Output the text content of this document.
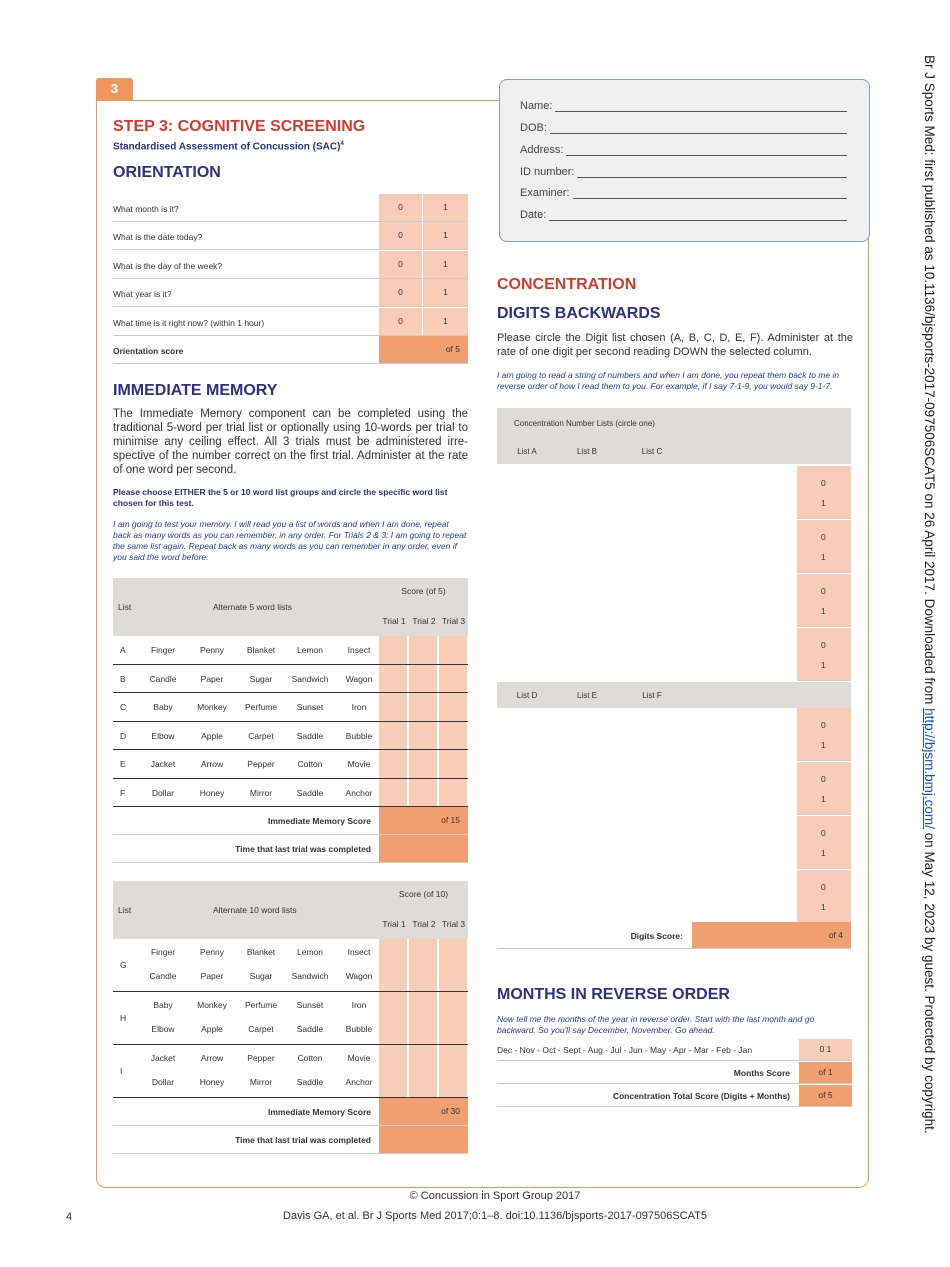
3
Name:
DOB:
Address:
ID number:
Examiner:
Date:
STEP 3: COGNITIVE SCREENING
Standardised Assessment of Concussion (SAC)$^4$
ORIENTATION
What month is it?	0	1
What is the date today?	0	1
What is the day of the week?	0	1
What year is it?	0	1
What time is it right now? (within 1 hour)	0	1
Orientation score	of 5
IMMEDIATE MEMORY
The Immediate Memory component can be completed using the traditional 5-word per trial list or optionally using 10-words per trial to minimise any ceiling effect. All 3 trials must be administered irre-spective of the number correct on the first trial. Administer at the rate of one word per second.
Please choose EITHER the 5 or 10 word list groups and circle the specific word list chosen for this test.
I am going to test your memory. I will read you a list of words and when I am done, repeat back as many words as you can remember, in any order. For Trials 2 & 3: I am going to repeat the same list again. Repeat back as many words as you can remember in any order, even if you said the word before.
List	Alternate 5 word lists
Score (of 5)
Trial 1 Trial 2 Trial 3
A	Finger	Penny	Blanket	Lemon	Insect
B	Candle	Paper	Sugar	Sandwich	Wagon
C	Baby	Monkey	Perfume	Sunset	Iron
D	Elbow	Apple	Carpet	Saddle	Bubble
E	Jacket	Arrow	Pepper	Cotton	Movie
F	Dollar	Honey	Mirror	Saddle	Anchor
Immediate Memory Score	of 15
Time that last trial was completed
List	Alternate 10 word lists
Score (of 10)
Trial 1 Trial 2 Trial 3
G
Finger	Penny	Blanket	Lemon	Insect
Candle	Paper	Sugar	Sandwich	Wagon
H
Baby	Monkey	Perfume	Sunset	Iron
Elbow	Apple	Carpet	Saddle	Bubble
I
Jacket	Arrow	Pepper	Cotton	Movie
Dollar	Honey	Mirror	Saddle	Anchor
Immediate Memory Score	of 30
Time that last trial was completed
CONCENTRATION
DIGITS BACKWARDS
Please circle the Digit list chosen (A, B, C, D, E, F). Administer at the rate of one digit per second reading DOWN the selected column.
I am going to read a string of numbers and when I am done, you repeat them back to me in reverse order of how I read them to you. For example, if I say 7-1-9, you would say 9-1-7.
Concentration Number Lists (circle one)
List A	List B	List C
0
1
0
1
0
1
0
1
List D	List E	List F
0
1
0
1
0
1
0
1
Digits Score:	of 4
MONTHS IN REVERSE ORDER
Now tell me the months of the year in reverse order. Start with the last month and go backward. So you'll say December, November. Go ahead.
Dec - Nov - Oct - Sept - Aug - Jul - Jun - May - Apr - Mar - Feb - Jan	0 1
Months Score	of 1
Concentration Total Score (Digits + Months)	of 5
Br J Sports Med: first published as 10.1136/bjsports-2017-097506SCAT5 on 26 April 2017. Downloaded from http://bjsm.bmj.com/ on May 12, 2023 by guest. Protected by copyright.
© Concussion in Sport Group 2017
Davis GA, et al. Br J Sports Med 2017;0:1–8. doi:10.1136/bjsports-2017-097506SCAT5
4
